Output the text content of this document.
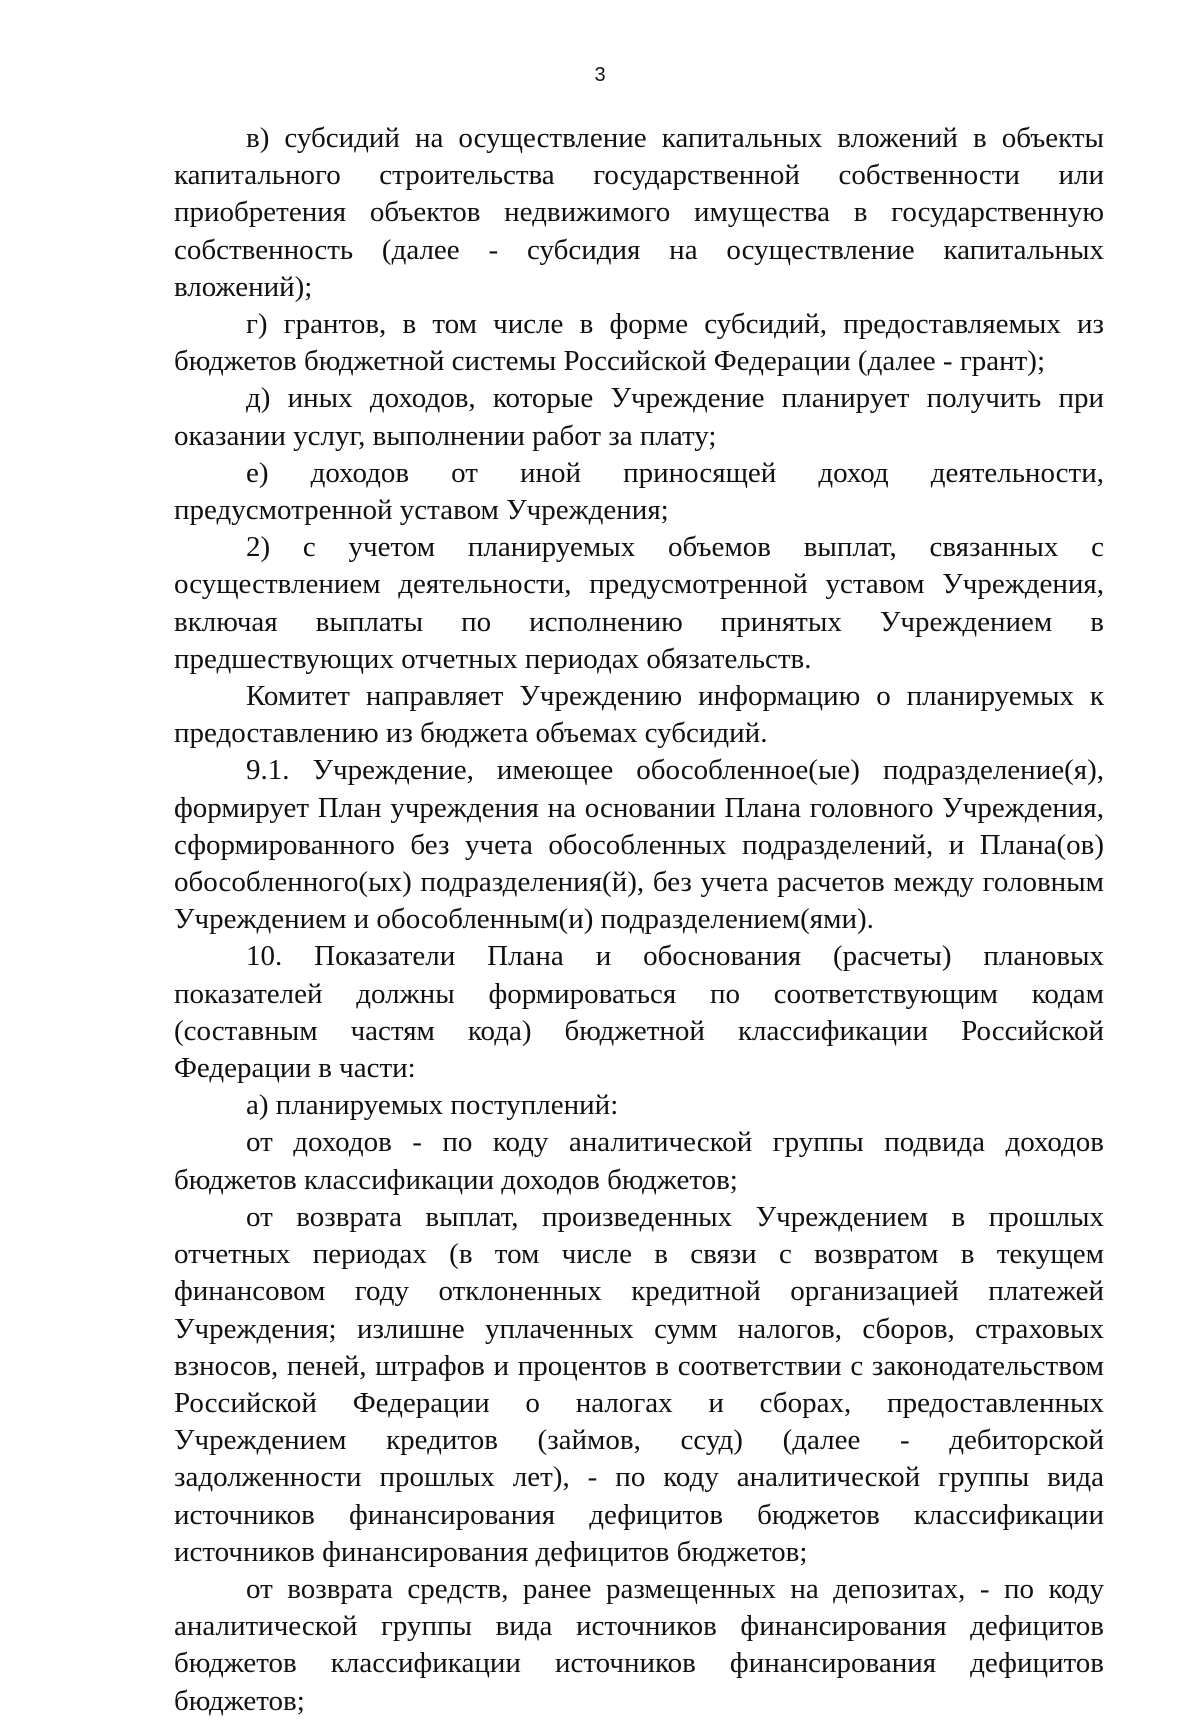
3

в) субсидий на осуществление капитальных вложений в объекты капитального строительства государственной собственности или приобретения объектов недвижимого имущества в государственную собственность (далее - субсидия на осуществление капитальных вложений);

г) грантов, в том числе в форме субсидий, предоставляемых из бюджетов бюджетной системы Российской Федерации (далее - грант);

д) иных доходов, которые Учреждение планирует получить при оказании услуг, выполнении работ за плату;

е) доходов от иной приносящей доход деятельности, предусмотренной уставом Учреждения;

2) с учетом планируемых объемов выплат, связанных с осуществлением деятельности, предусмотренной уставом Учреждения, включая выплаты по исполнению принятых Учреждением в предшествующих отчетных периодах обязательств.

Комитет направляет Учреждению информацию о планируемых к предоставлению из бюджета объемах субсидий.

9.1. Учреждение, имеющее обособленное(ые) подразделение(я), формирует План учреждения на основании Плана головного Учреждения, сформированного без учета обособленных подразделений, и Плана(ов) обособленного(ых) подразделения(й), без учета расчетов между головным Учреждением и обособленным(и) подразделением(ями).

10. Показатели Плана и обоснования (расчеты) плановых показателей должны формироваться по соответствующим кодам (составным частям кода) бюджетной классификации Российской Федерации в части:

а) планируемых поступлений:

от доходов - по коду аналитической группы подвида доходов бюджетов классификации доходов бюджетов;

от возврата выплат, произведенных Учреждением в прошлых отчетных периодах (в том числе в связи с возвратом в текущем финансовом году отклоненных кредитной организацией платежей Учреждения; излишне уплаченных сумм налогов, сборов, страховых взносов, пеней, штрафов и процентов в соответствии с законодательством Российской Федерации о налогах и сборах, предоставленных Учреждением кредитов (займов, ссуд) (далее - дебиторской задолженности прошлых лет), - по коду аналитической группы вида источников финансирования дефицитов бюджетов классификации источников финансирования дефицитов бюджетов;

от возврата средств, ранее размещенных на депозитах, - по коду аналитической группы вида источников финансирования дефицитов бюджетов классификации источников финансирования дефицитов бюджетов;
